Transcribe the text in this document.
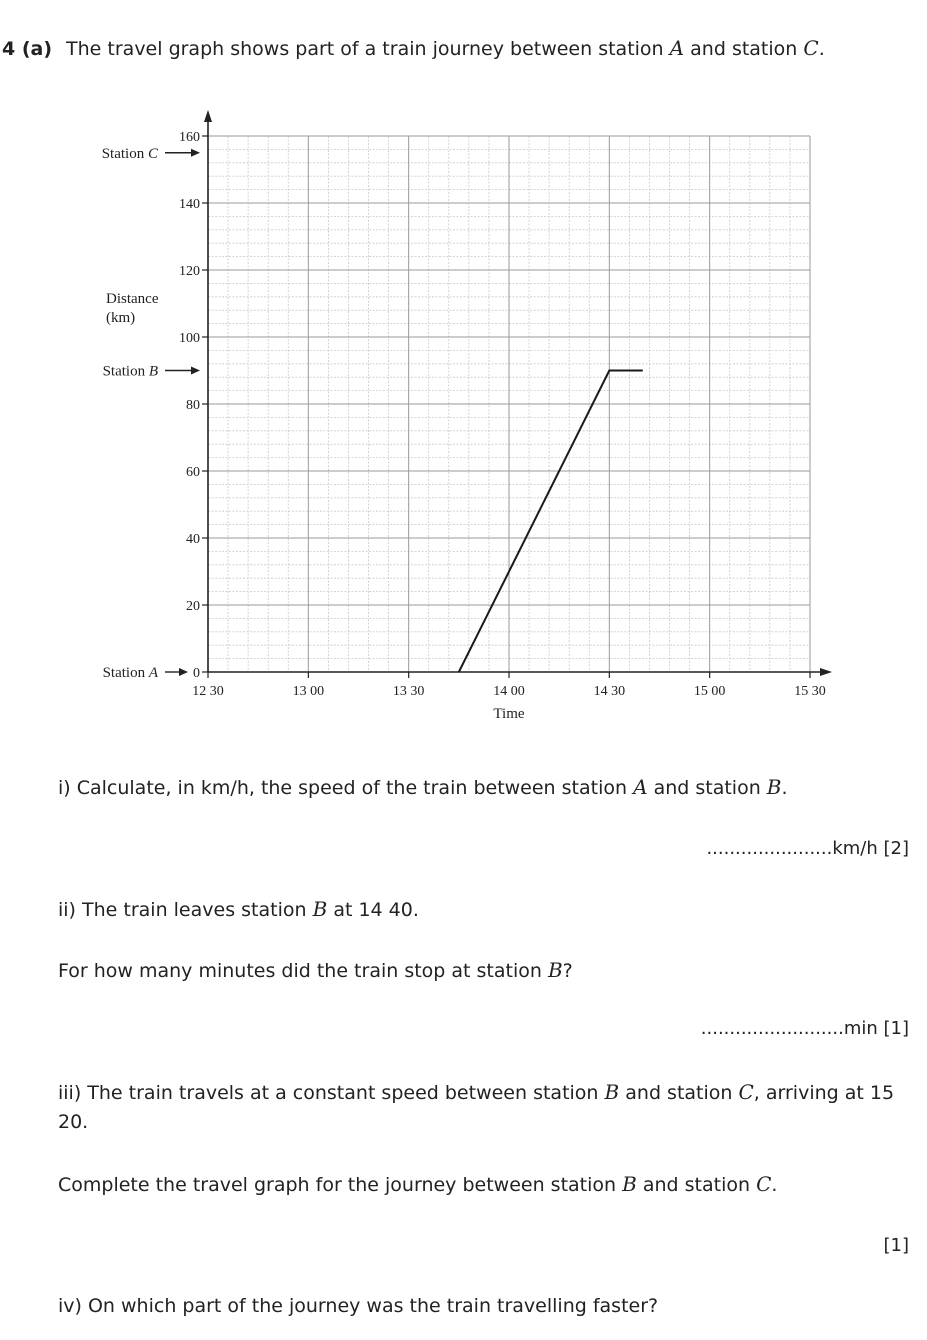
4 (a) The travel graph shows part of a train journey between station A and station C.
0
20
40
60
80
100
120
140
160
12 30	13 00	13 30	14 00	14 30	15 00	15 30
Time
Distance
(km)
Station C
Station B
Station A
i) Calculate, in km/h, the speed of the train between station A and station B.
......................km/h [2]
ii) The train leaves station B at 14 40.
For how many minutes did the train stop at station B?
.........................min [1]
iii) The train travels at a constant speed between station B and station C, arriving at 15
20.
Complete the travel graph for the journey between station B and station C.
[1]
iv) On which part of the journey was the train travelling faster?
